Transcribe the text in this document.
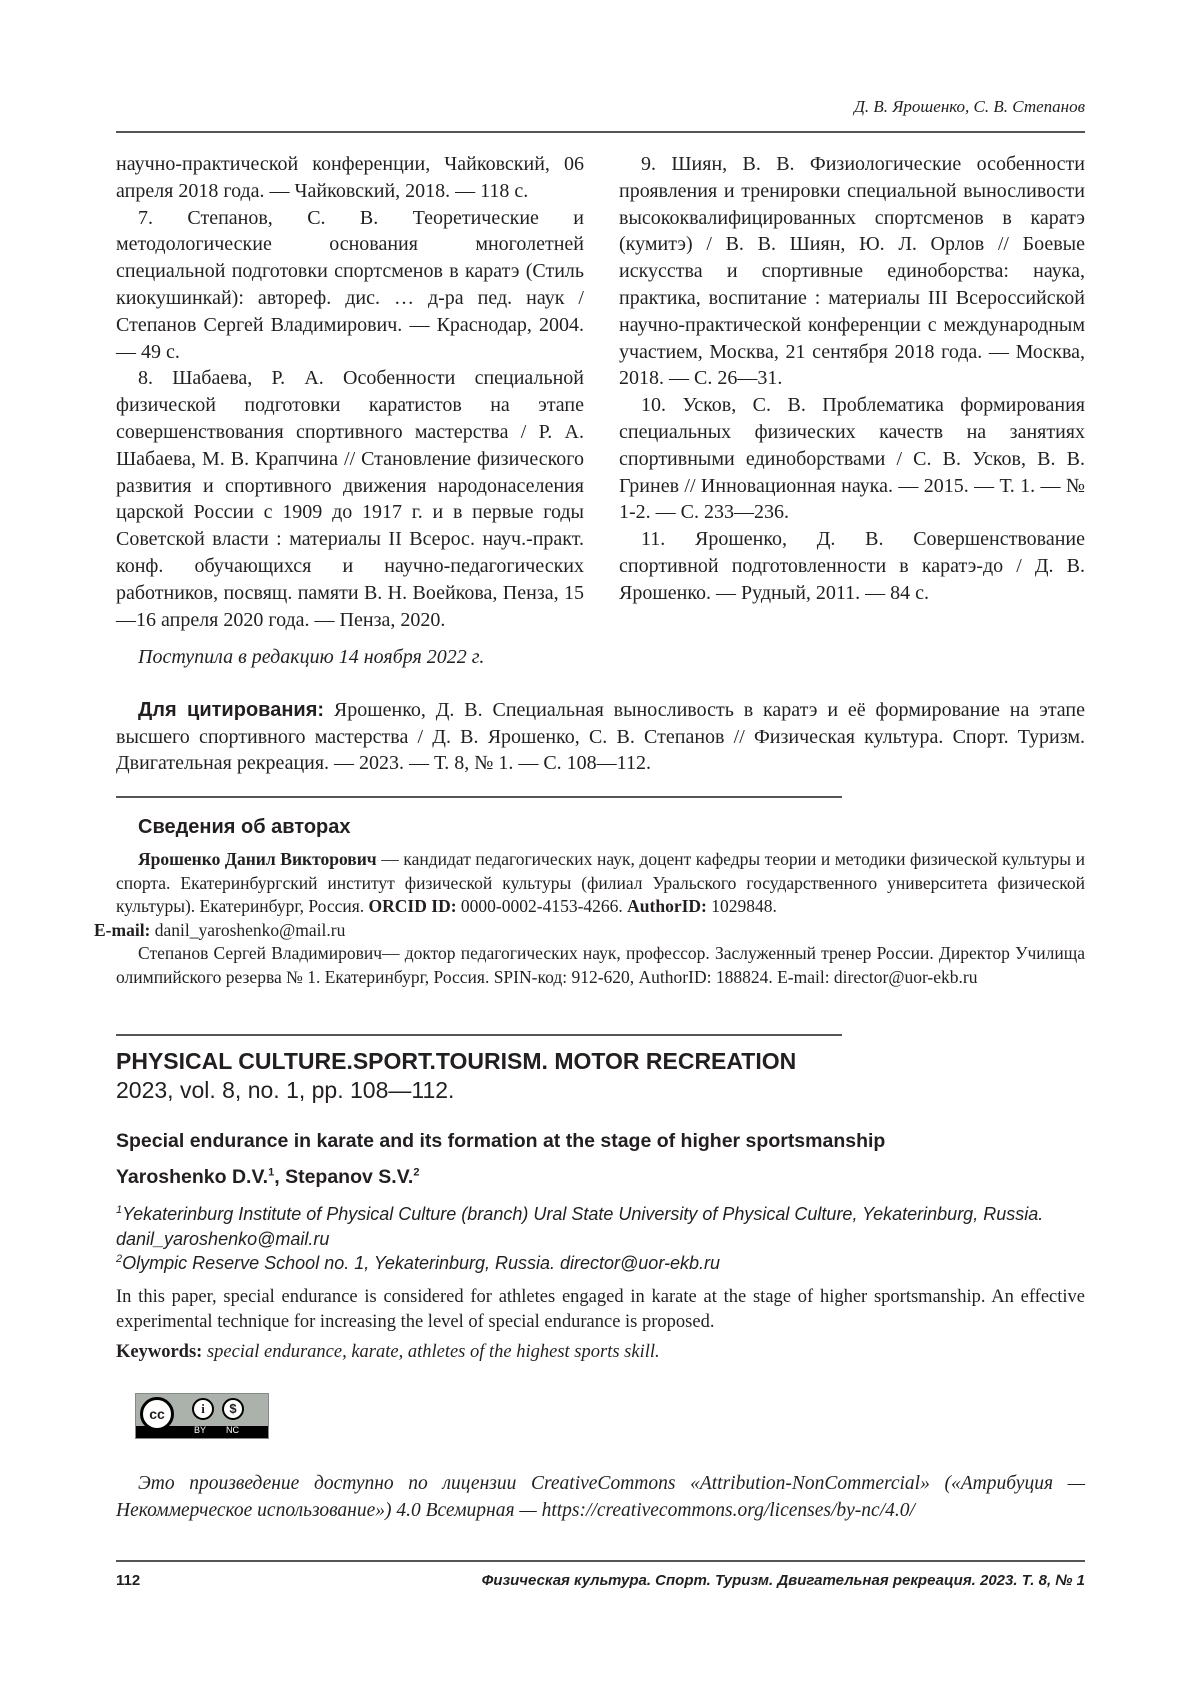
Д. В. Ярошенко, С. В. Степанов

научно-практической конференции, Чайковский, 06 апреля 2018 года. — Чайковский, 2018. — 118 с.

7. Степанов, С. В. Теоретические и методологические основания многолетней специальной подготовки спортсменов в каратэ (Стиль киокушинкай): автореф. дис. … д-ра пед. наук / Степанов Сергей Владимирович. — Краснодар, 2004. — 49 с.

8. Шабаева, Р. А. Особенности специальной физической подготовки каратистов на этапе совершенствования спортивного мастерства / Р. А. Шабаева, М. В. Крапчина // Становление физического развития и спортивного движения народонаселения царской России с 1909 до 1917 г. и в первые годы Советской власти : материалы II Всерос. науч.-практ. конф. обучающихся и научно-педагогических работников, посвящ. памяти В. Н. Воейкова, Пенза, 15—16 апреля 2020 года. — Пенза, 2020.

9. Шиян, В. В. Физиологические особенности проявления и тренировки специальной выносливости высококвалифицированных спортсменов в каратэ (кумитэ) / В. В. Шиян, Ю. Л. Орлов // Боевые искусства и спортивные единоборства: наука, практика, воспитание : материалы III Всероссийской научно-практической конференции с международным участием, Москва, 21 сентября 2018 года. — Москва, 2018. — С. 26—31.

10. Усков, С. В. Проблематика формирования специальных физических качеств на занятиях спортивными единоборствами / С. В. Усков, В. В. Гринев // Инновационная наука. — 2015. — Т. 1. — № 1-2. — С. 233—236.

11. Ярошенко, Д. В. Совершенствование спортивной подготовленности в каратэ-до / Д. В. Ярошенко. — Рудный, 2011. — 84 с.

Поступила в редакцию 14 ноября 2022 г.
Для цитирования: Ярошенко, Д. В. Специальная выносливость в каратэ и её формирование на этапе высшего спортивного мастерства / Д. В. Ярошенко, С. В. Степанов // Физическая культура. Спорт. Туризм. Двигательная рекреация. — 2023. — Т. 8, № 1. — С. 108—112.
Сведения об авторах

Ярошенко Данил Викторович — кандидат педагогических наук, доцент кафедры теории и методики физической культуры и спорта. Екатеринбургский институт физической культуры (филиал Уральского государственного университета физической культуры). Екатеринбург, Россия. ORCID ID: 0000-0002-4153-4266. AuthorID: 1029848.
E-mail: danil_yaroshenko@mail.ru

Степанов Сергей Владимирович— доктор педагогических наук, профессор. Заслуженный тренер России. Директор Училища олимпийского резерва № 1. Екатеринбург, Россия. SPIN-код: 912-620, AuthorID: 188824. E-mail: director@uor-ekb.ru

PHYSICAL CULTURE.SPORT.TOURISM. MOTOR RECREATION
2023, vol. 8, no. 1, pp. 108—112.
Special endurance in karate and its formation at the stage of higher sportsmanship
Yaroshenko D.V.1, Stepanov S.V.2
1Yekaterinburg Institute of Physical Culture (branch) Ural State University of Physical Culture, Yekaterinburg, Russia. danil_yaroshenko@mail.ru
2Olympic Reserve School no. 1, Yekaterinburg, Russia. director@uor-ekb.ru
In this paper, special endurance is considered for athletes engaged in karate at the stage of higher sportsmanship. An effective experimental technique for increasing the level of special endurance is proposed.
Keywords: special endurance, karate, athletes of the highest sports skill.
cc	i	$
BY NC
Это произведение доступно по лицензии CreativeCommons «Attribution-NonCommercial» («Атрибуция — Некоммерческое использование») 4.0 Всемирная — https://creativecommons.org/licenses/by-nc/4.0/
112	Физическая культура. Спорт. Туризм. Двигательная рекреация. 2023. Т. 8, № 1
